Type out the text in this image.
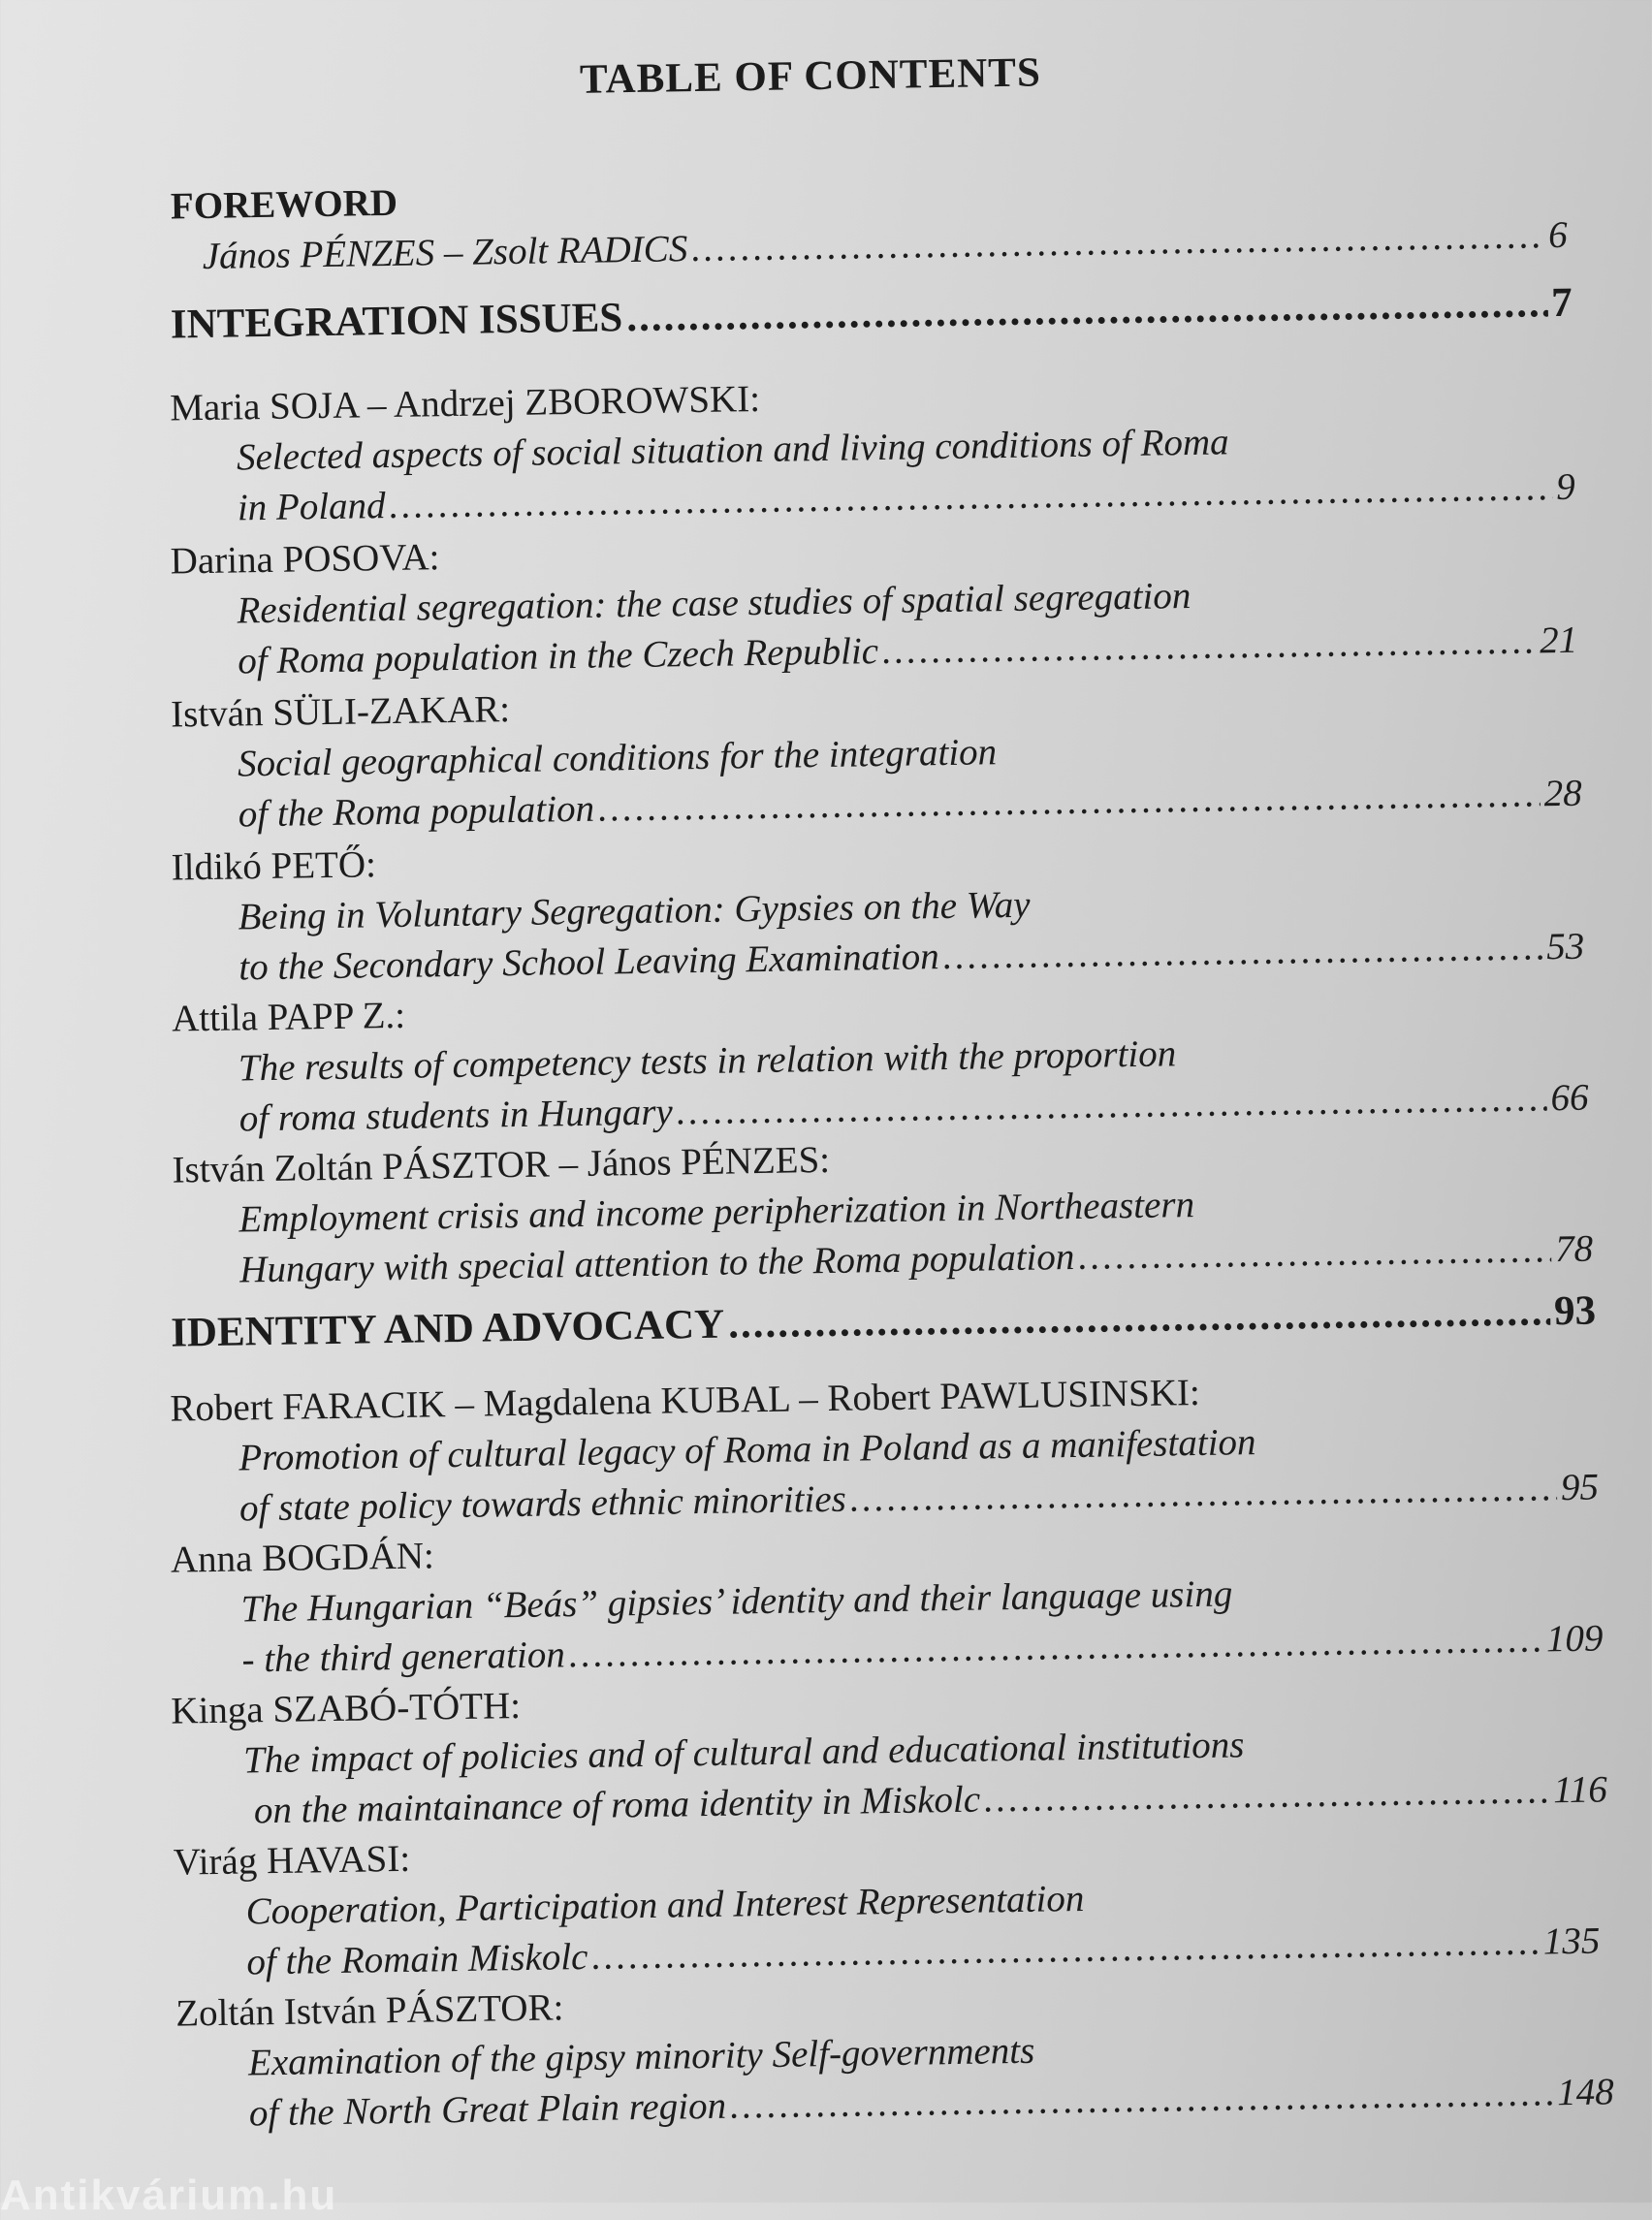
TABLE OF CONTENTS
FOREWORD
János PÉNZES – Zsolt RADICS .....	6
INTEGRATION ISSUES .....	7
Maria SOJA – Andrzej ZBOROWSKI:
Selected aspects of social situation and living conditions of Roma
in Poland .....	9
Darina POSOVA:
Residential segregation: the case studies of spatial segregation
of Roma population in the Czech Republic .....	21
István SÜLI-ZAKAR:
Social geographical conditions for the integration
of the Roma population .....	28
Ildikó PETŐ:
Being in Voluntary Segregation: Gypsies on the Way
to the Secondary School Leaving Examination .....	53
Attila PAPP Z.:
The results of competency tests in relation with the proportion
of roma students in Hungary .....	66
István Zoltán PÁSZTOR – János PÉNZES:
Employment crisis and income peripherization in Northeastern
Hungary with special attention to the Roma population .....	78
IDENTITY AND ADVOCACY .....	93
Robert FARACIK – Magdalena KUBAL – Robert PAWLUSINSKI:
Promotion of cultural legacy of Roma in Poland as a manifestation
of state policy towards ethnic minorities .....	95
Anna BOGDÁN:
The Hungarian “Beás” gipsies’ identity and their language using
- the third generation .....	109
Kinga SZABÓ-TÓTH:
The impact of policies and of cultural and educational institutions
on the maintainance of roma identity in Miskolc .....	116
Virág HAVASI:
Cooperation, Participation and Interest Representation
of the Romain Miskolc .....	135
Zoltán István PÁSZTOR:
Examination of the gipsy minority Self-governments
of the North Great Plain region .....	148
Antikvárium.hu
